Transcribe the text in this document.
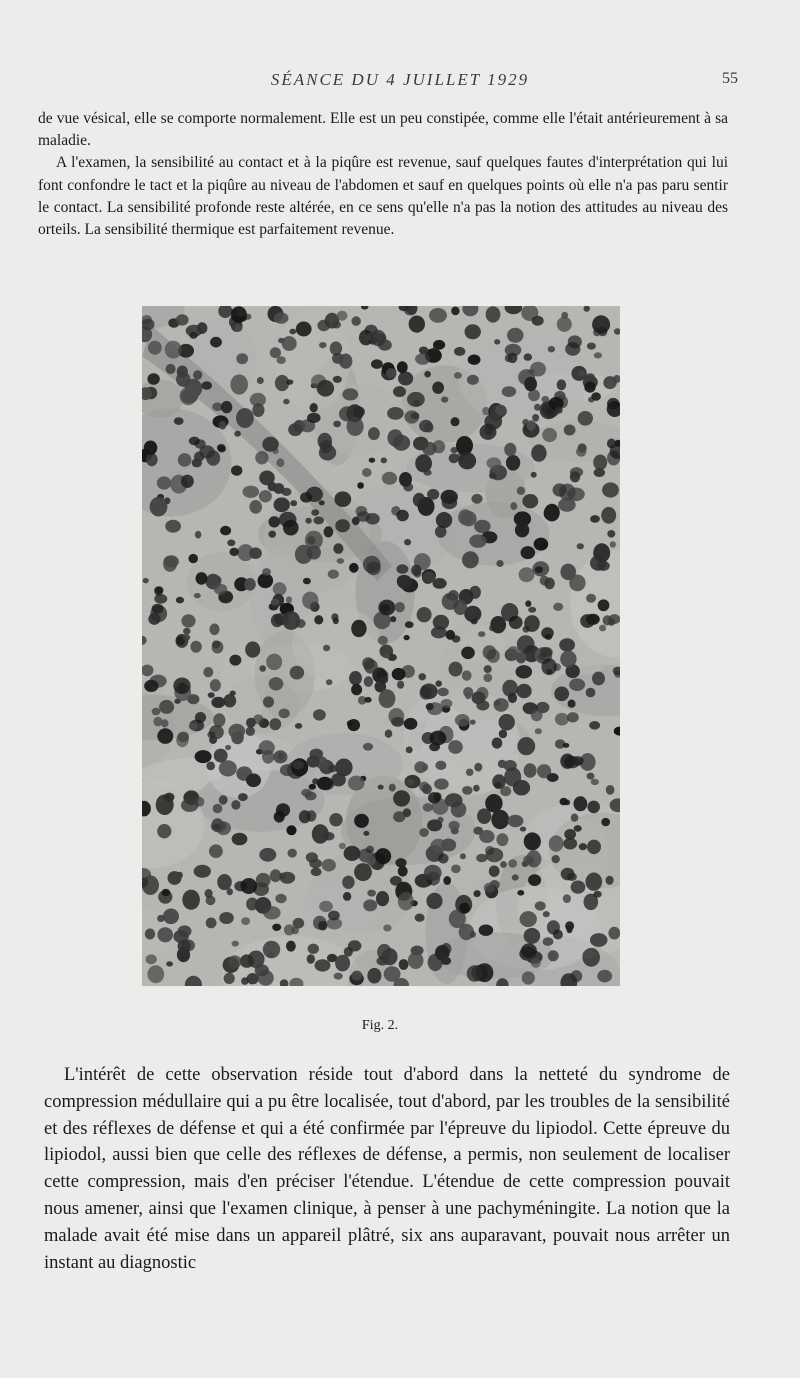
SÉANCE DU 4 JUILLET 1929	55

de vue vésical, elle se comporte normalement. Elle est un peu constipée, comme elle l'était antérieurement à sa maladie.

A l'examen, la sensibilité au contact et à la piqûre est revenue, sauf quelques fautes d'interprétation qui lui font confondre le tact et la piqûre au niveau de l'abdomen et sauf en quelques points où elle n'a pas paru sentir le contact. La sensibilité profonde reste altérée, en ce sens qu'elle n'a pas la notion des attitudes au niveau des orteils. La sensibilité thermique est parfaitement revenue.

Fig. 2.

L'intérêt de cette observation réside tout d'abord dans la netteté du syndrome de compression médullaire qui a pu être localisée, tout d'abord, par les troubles de la sensibilité et des réflexes de défense et qui a été confirmée par l'épreuve du lipiodol. Cette épreuve du lipiodol, aussi bien que celle des réflexes de défense, a permis, non seulement de localiser cette compression, mais d'en préciser l'étendue. L'étendue de cette compression pouvait nous amener, ainsi que l'examen clinique, à penser à une pachyméningite. La notion que la malade avait été mise dans un appareil plâtré, six ans auparavant, pouvait nous arrêter un instant au diagnostic
